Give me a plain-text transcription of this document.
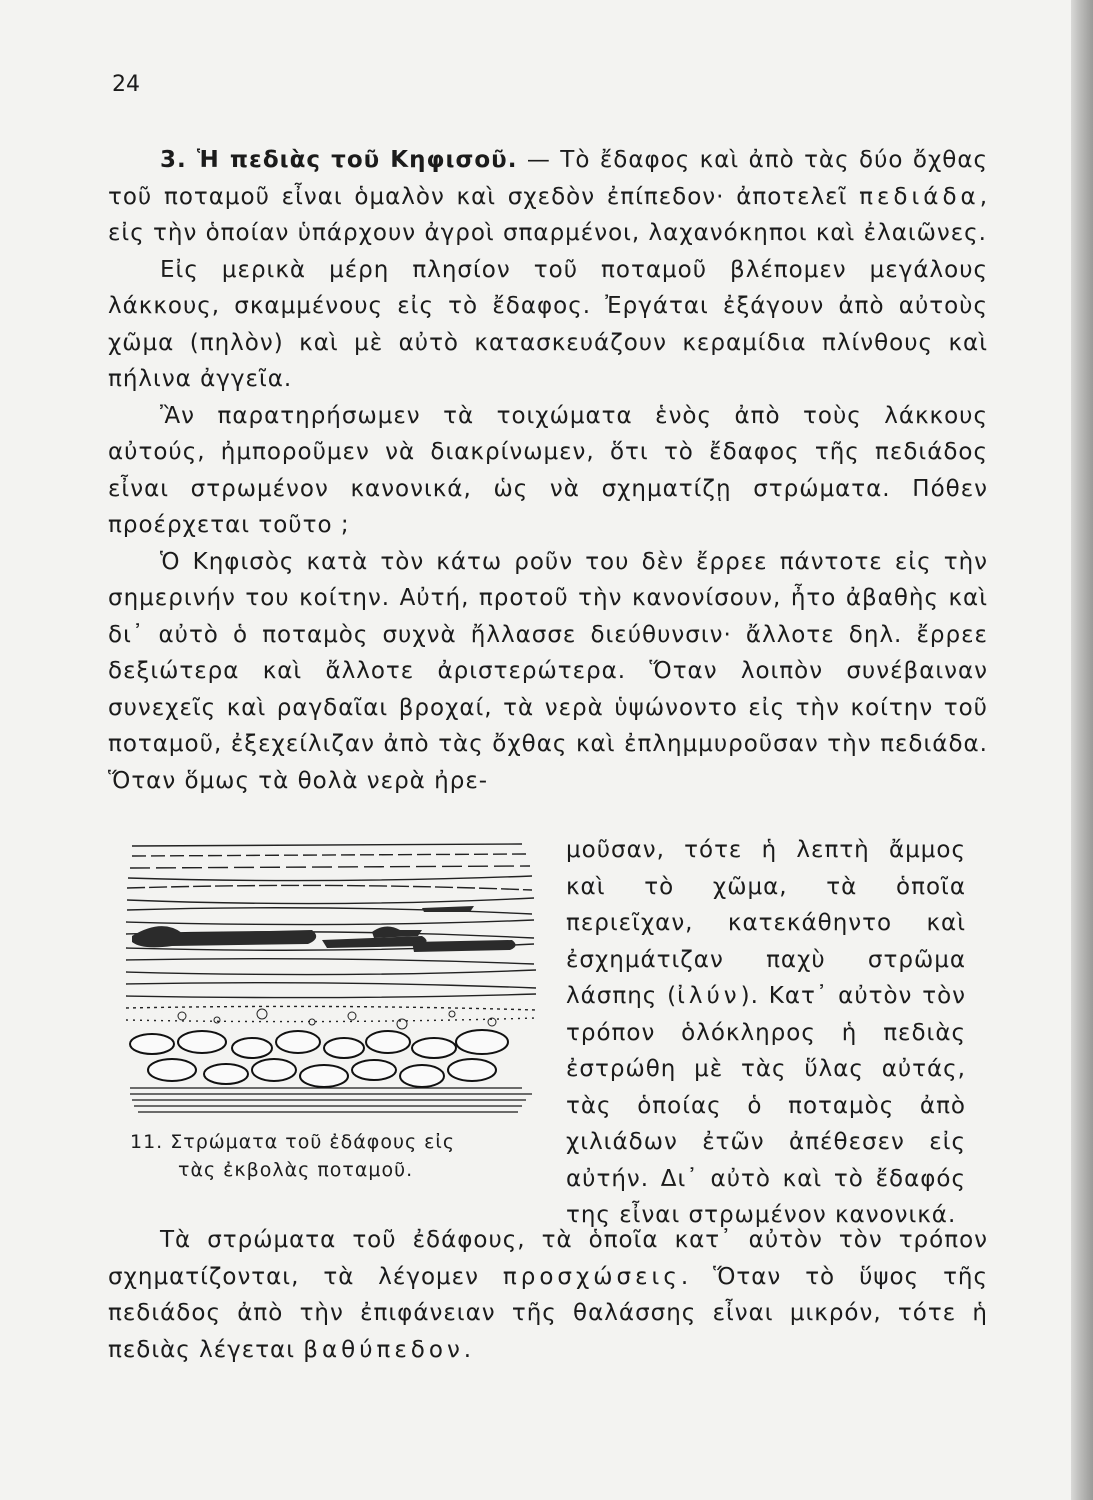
24

3. Ἡ πεδιὰς τοῦ Κηφισοῦ. — Τὸ ἔδαφος καὶ ἀπὸ τὰς δύο ὄχθας τοῦ ποταμοῦ εἶναι ὁμαλὸν καὶ σχεδὸν ἐπίπεδον· ἀποτελεῖ πεδιάδα, εἰς τὴν ὁποίαν ὑπάρχουν ἀγροὶ σπαρμένοι, λαχανόκηποι καὶ ἐλαιῶνες.

Εἰς μερικὰ μέρη πλησίον τοῦ ποταμοῦ βλέπομεν μεγάλους λάκκους, σκαμμένους εἰς τὸ ἔδαφος. Ἐργάται ἐξάγουν ἀπὸ αὐτοὺς χῶμα (πηλὸν) καὶ μὲ αὐτὸ κατασκευάζουν κεραμίδια πλίνθους καὶ πήλινα ἀγγεῖα.

Ἂν παρατηρήσωμεν τὰ τοιχώματα ἑνὸς ἀπὸ τοὺς λάκκους αὐτούς, ἠμποροῦμεν νὰ διακρίνωμεν, ὅτι τὸ ἔδαφος τῆς πεδιάδος εἶναι στρωμένον κανονικά, ὡς νὰ σχηματίζῃ στρώματα. Πόθεν προέρχεται τοῦτο ;

Ὁ Κηφισὸς κατὰ τὸν κάτω ροῦν του δὲν ἔρρεε πάντοτε εἰς τὴν σημερινήν του κοίτην. Αὐτή, προτοῦ τὴν κανονίσουν, ἦτο ἀβαθὴς καὶ δι᾿ αὐτὸ ὁ ποταμὸς συχνὰ ἤλλασσε διεύθυνσιν· ἄλλοτε δηλ. ἔρρεε δεξιώτερα καὶ ἄλλοτε ἀριστερώτερα. Ὅταν λοιπὸν συνέβαιναν συνεχεῖς καὶ ραγδαῖαι βροχαί, τὰ νερὰ ὑψώνοντο εἰς τὴν κοίτην τοῦ ποταμοῦ, ἐξεχείλιζαν ἀπὸ τὰς ὄχθας καὶ ἐπλημμυροῦσαν τὴν πεδιάδα. Ὅταν ὅμως τὰ θολὰ νερὰ ἠρε-

11. Στρώματα τοῦ ἐδάφους εἰς
τὰς ἐκβολὰς ποταμοῦ.

μοῦσαν, τότε ἡ λεπτὴ ἄμμος καὶ τὸ χῶμα, τὰ ὁποῖα περιεῖχαν, κατεκάθηντο καὶ ἐσχημάτιζαν παχὺ στρῶμα λάσπης (ἰλύν). Κατ᾿ αὐτὸν τὸν τρόπον ὁλόκληρος ἡ πεδιὰς ἐστρώθη μὲ τὰς ὕλας αὐτάς, τὰς ὁποίας ὁ ποταμὸς ἀπὸ χιλιάδων ἐτῶν ἀπέθεσεν εἰς αὐτήν. Δι᾿ αὐτὸ καὶ τὸ ἔδαφός της εἶναι στρωμένον κανονικά.

Τὰ στρώματα τοῦ ἐδάφους, τὰ ὁποῖα κατ᾿ αὐτὸν τὸν τρόπον σχηματίζονται, τὰ λέγομεν προσχώσεις. Ὅταν τὸ ὕψος τῆς πεδιάδος ἀπὸ τὴν ἐπιφάνειαν τῆς θαλάσσης εἶναι μικρόν, τότε ἡ πεδιὰς λέγεται βαθύπεδον.
